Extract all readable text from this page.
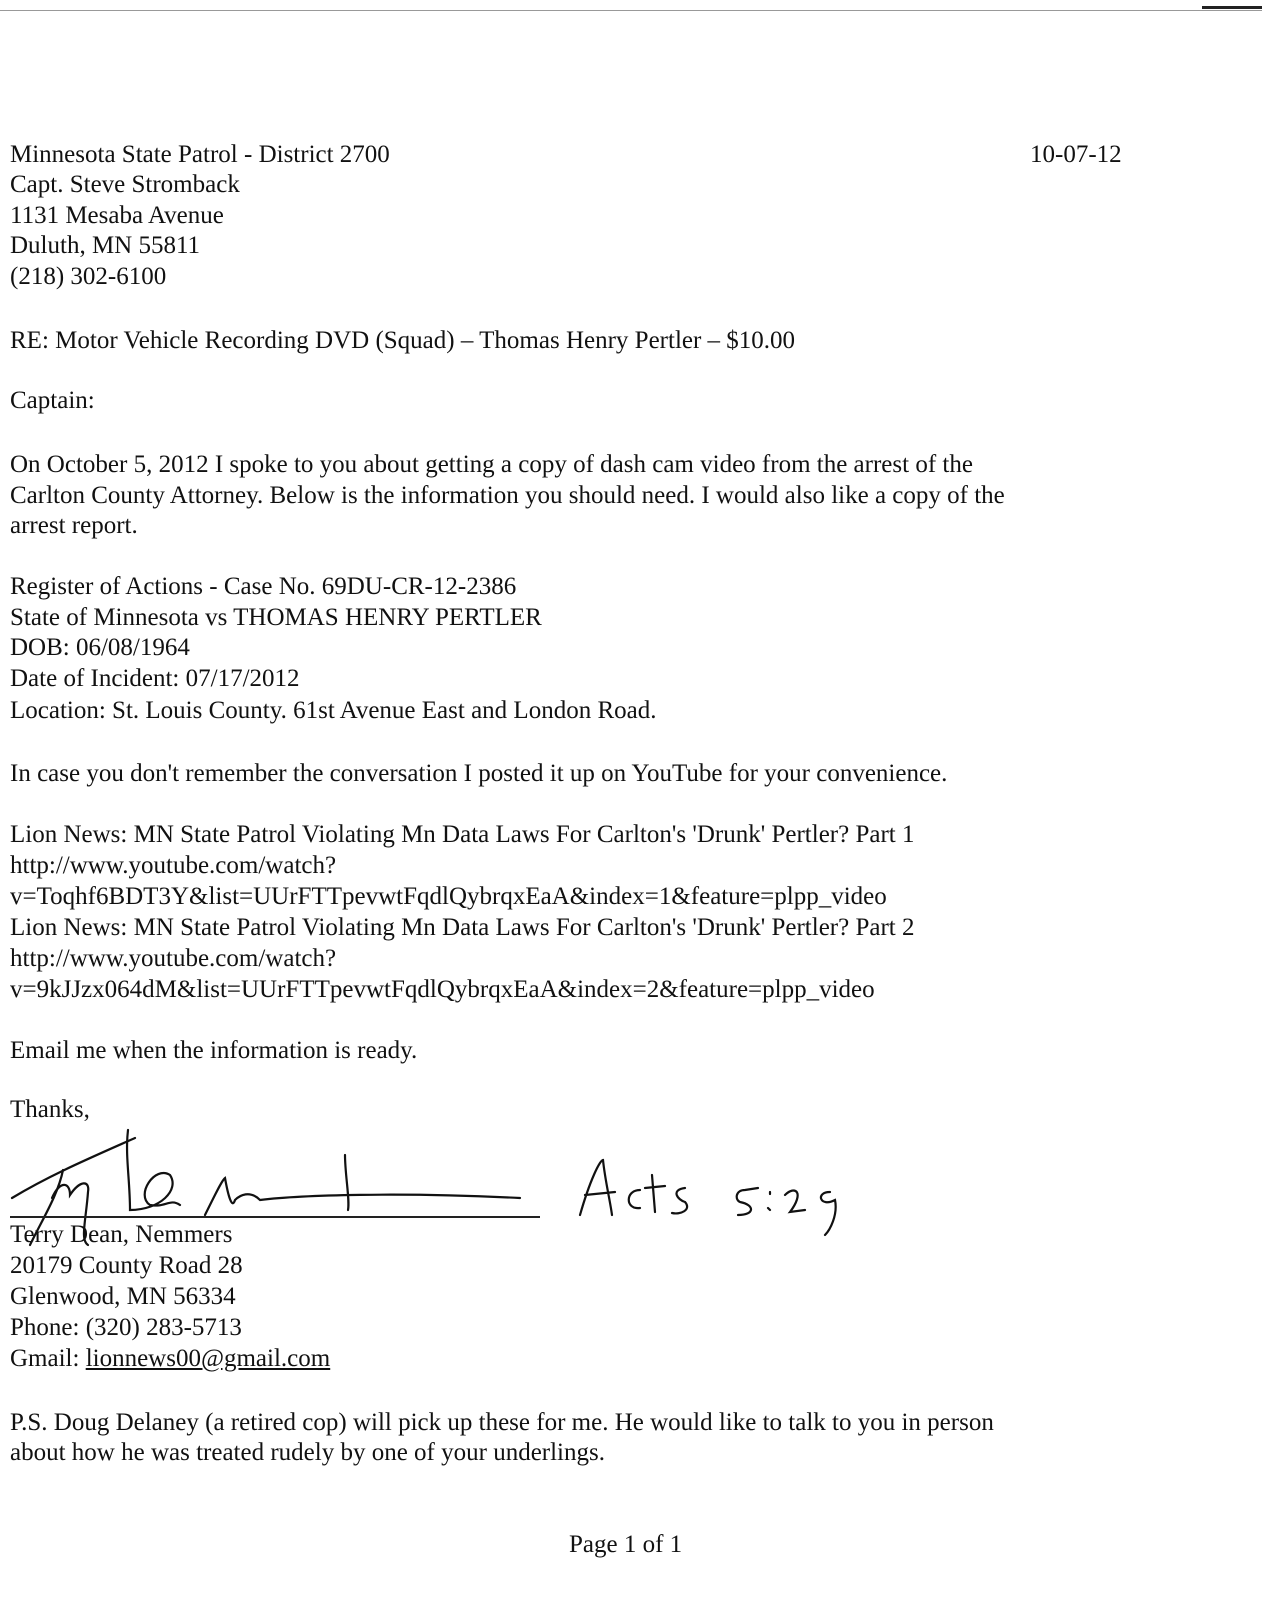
Minnesota State Patrol - District 2700	10-07-12
Capt. Steve Stromback
1131 Mesaba Avenue
Duluth, MN 55811
(218) 302-6100
RE: Motor Vehicle Recording DVD (Squad) – Thomas Henry Pertler – $10.00
Captain:
On October 5, 2012 I spoke to you about getting a copy of dash cam video from the arrest of the
Carlton County Attorney. Below is the information you should need. I would also like a copy of the
arrest report.
Register of Actions - Case No. 69DU-CR-12-2386
State of Minnesota vs THOMAS HENRY PERTLER
DOB: 06/08/1964
Date of Incident: 07/17/2012
Location: St. Louis County. 61st Avenue East and London Road.
In case you don't remember the conversation I posted it up on YouTube for your convenience.
Lion News: MN State Patrol Violating Mn Data Laws For Carlton's 'Drunk' Pertler? Part 1
http://www.youtube.com/watch?
v=Toqhf6BDT3Y&list=UUrFTTpevwtFqdlQybrqxEaA&index=1&feature=plpp_video
Lion News: MN State Patrol Violating Mn Data Laws For Carlton's 'Drunk' Pertler? Part 2
http://www.youtube.com/watch?
v=9kJJzx064dM&list=UUrFTTpevwtFqdlQybrqxEaA&index=2&feature=plpp_video
Email me when the information is ready.
Thanks,
Terry Dean, Nemmers
20179 County Road 28
Glenwood, MN 56334
Phone: (320) 283-5713
Gmail: lionnews00@gmail.com
P.S. Doug Delaney (a retired cop) will pick up these for me. He would like to talk to you in person
about how he was treated rudely by one of your underlings.
Page 1 of 1
